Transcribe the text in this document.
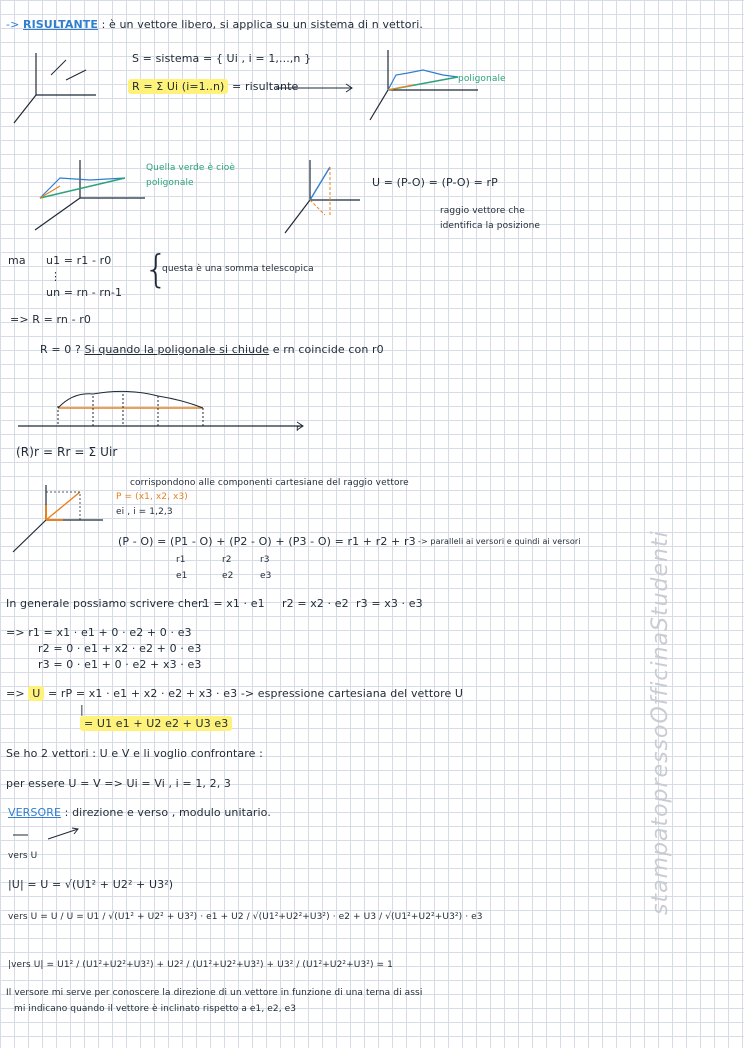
-> RISULTANTE : è un vettore libero, si applica su un sistema di n vettori.
S = sistema = { Ui , i = 1,...,n }
R = Σ Ui (i=1..n) = risultante
poligonale
Quella verde è cioè
poligonale	U = (P-O) = (P-O) = rP
raggio vettore che
identifica la posizione
ma u1 = r1 - r0
⋮
un = rn - rn-1
{
questa è una somma telescopica
=> R = rn - r0
R = 0 ? Si quando la poligonale si chiude e rn coincide con r0
r
(R)r = Rr = Σ Uir
corrispondono alle componenti cartesiane del raggio vettore
P = (x1, x2, x3)
ei , i = 1,2,3
(P - O) = (P1 - O) + (P2 - O) + (P3 - O) = r1 + r2 + r3 -> paralleli ai versori e quindi ai versori
r1	r2	r3
e1	e2	e3
In generale possiamo scrivere che :
r1 = x1 · e1 r2 = x2 · e2 r3 = x3 · e3
=> r1 = x1 · e1 + 0 · e2 + 0 · e3
r2 = 0 · e1 + x2 · e2 + 0 · e3
r3 = 0 · e1 + 0 · e2 + x3 · e3
=> U = rP = x1 · e1 + x2 · e2 + x3 · e3 -> espressione cartesiana del vettore U
|
= U1 e1 + U2 e2 + U3 e3
Se ho 2 vettori : U e V e li voglio confrontare :
per essere U = V => Ui = Vi , i = 1, 2, 3
VERSORE : direzione e verso , modulo unitario.
vers U
|U| = U = √(U1² + U2² + U3²)
vers U = U / U = U1 / √(U1² + U2² + U3²) · e1 + U2 / √(U1²+U2²+U3²) · e2 + U3 / √(U1²+U2²+U3²) · e3
|vers U| = U1² / (U1²+U2²+U3²) + U2² / (U1²+U2²+U3²) + U3² / (U1²+U2²+U3²) = 1
Il versore mi serve per conoscere la direzione di un vettore in funzione di una terna di assi
mi indicano quando il vettore è inclinato rispetto a e1, e2, e3
stampatopressoOfficinaStudenti
